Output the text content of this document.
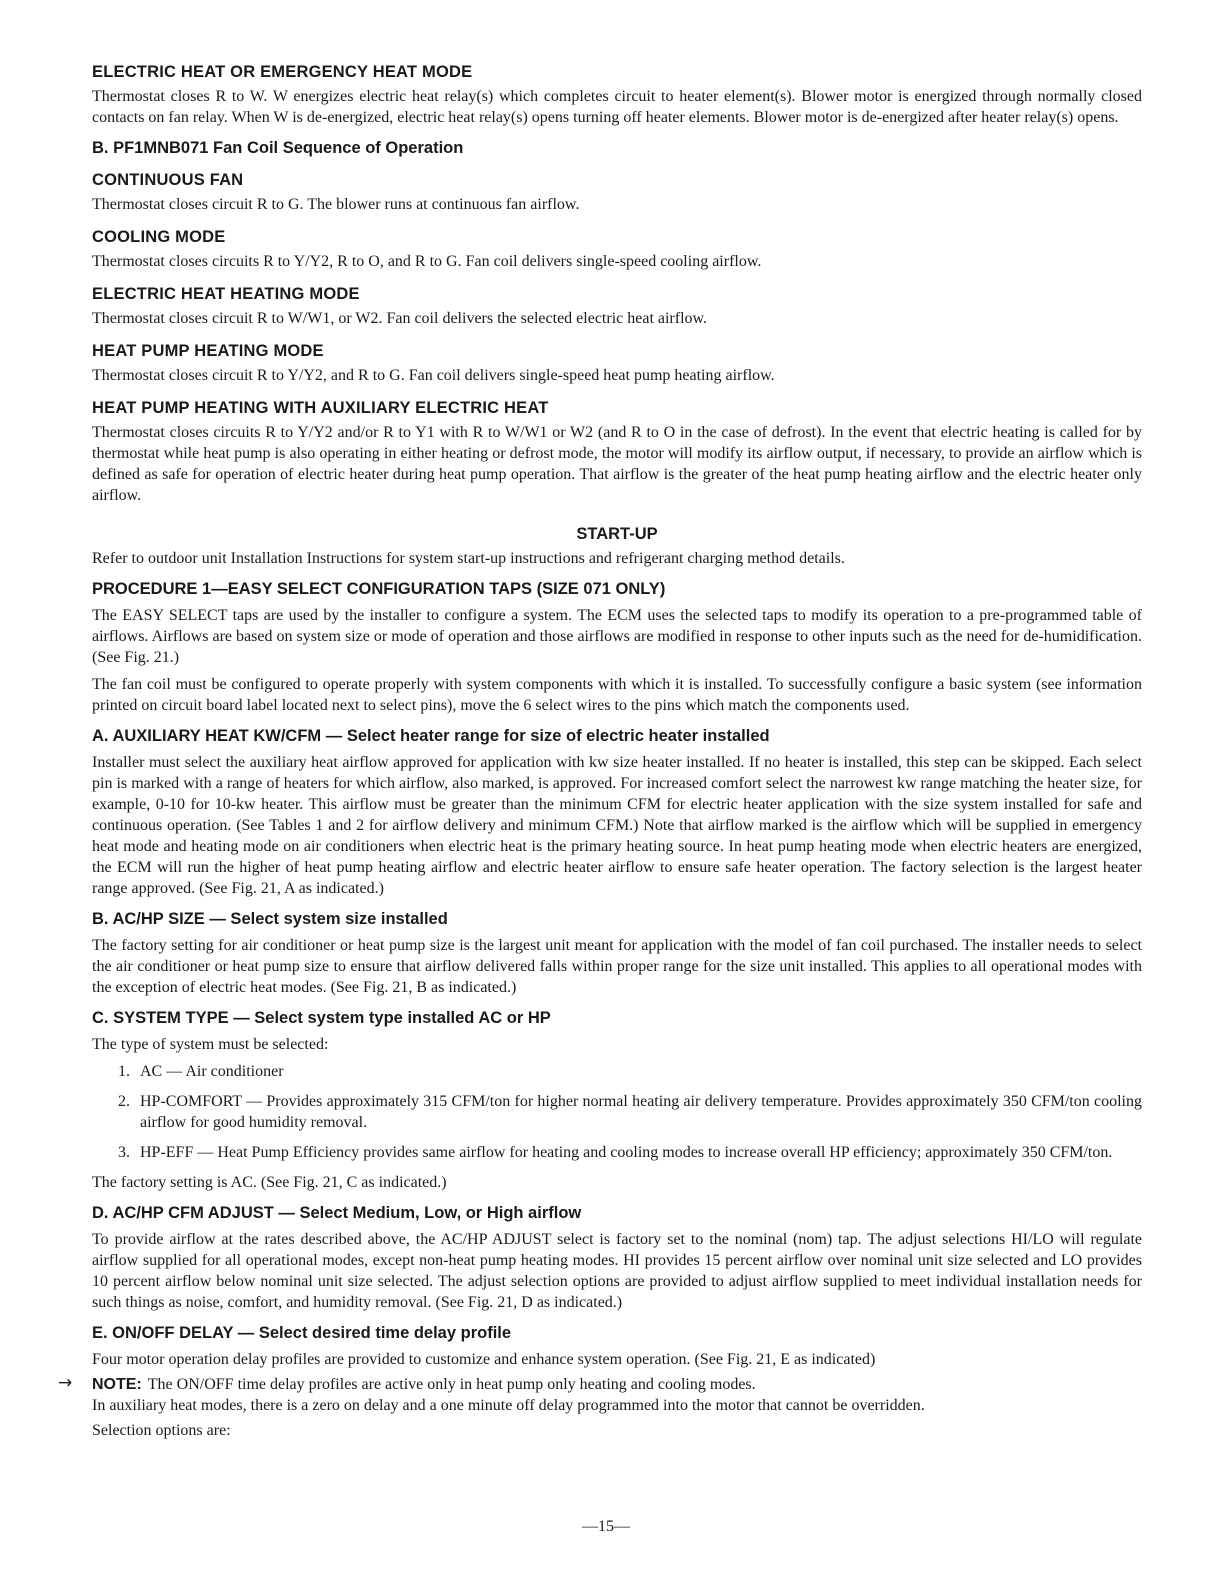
ELECTRIC HEAT OR EMERGENCY HEAT MODE

Thermostat closes R to W. W energizes electric heat relay(s) which completes circuit to heater element(s). Blower motor is energized through normally closed contacts on fan relay. When W is de-energized, electric heat relay(s) opens turning off heater elements. Blower motor is de-energized after heater relay(s) opens.

B. PF1MNB071 Fan Coil Sequence of Operation
CONTINUOUS FAN

Thermostat closes circuit R to G. The blower runs at continuous fan airflow.

COOLING MODE

Thermostat closes circuits R to Y/Y2, R to O, and R to G. Fan coil delivers single-speed cooling airflow.

ELECTRIC HEAT HEATING MODE

Thermostat closes circuit R to W/W1, or W2. Fan coil delivers the selected electric heat airflow.

HEAT PUMP HEATING MODE

Thermostat closes circuit R to Y/Y2, and R to G. Fan coil delivers single-speed heat pump heating airflow.

HEAT PUMP HEATING WITH AUXILIARY ELECTRIC HEAT

Thermostat closes circuits R to Y/Y2 and/or R to Y1 with R to W/W1 or W2 (and R to O in the case of defrost). In the event that electric heating is called for by thermostat while heat pump is also operating in either heating or defrost mode, the motor will modify its airflow output, if necessary, to provide an airflow which is defined as safe for operation of electric heater during heat pump operation. That airflow is the greater of the heat pump heating airflow and the electric heater only airflow.

START-UP

Refer to outdoor unit Installation Instructions for system start-up instructions and refrigerant charging method details.

PROCEDURE 1—EASY SELECT CONFIGURATION TAPS (SIZE 071 ONLY)

The EASY SELECT taps are used by the installer to configure a system. The ECM uses the selected taps to modify its operation to a pre-programmed table of airflows. Airflows are based on system size or mode of operation and those airflows are modified in response to other inputs such as the need for de-humidification. (See Fig. 21.)

The fan coil must be configured to operate properly with system components with which it is installed. To successfully configure a basic system (see information printed on circuit board label located next to select pins), move the 6 select wires to the pins which match the components used.

A. AUXILIARY HEAT KW/CFM — Select heater range for size of electric heater installed

Installer must select the auxiliary heat airflow approved for application with kw size heater installed. If no heater is installed, this step can be skipped. Each select pin is marked with a range of heaters for which airflow, also marked, is approved. For increased comfort select the narrowest kw range matching the heater size, for example, 0-10 for 10-kw heater. This airflow must be greater than the minimum CFM for electric heater application with the size system installed for safe and continuous operation. (See Tables 1 and 2 for airflow delivery and minimum CFM.) Note that airflow marked is the airflow which will be supplied in emergency heat mode and heating mode on air conditioners when electric heat is the primary heating source. In heat pump heating mode when electric heaters are energized, the ECM will run the higher of heat pump heating airflow and electric heater airflow to ensure safe heater operation. The factory selection is the largest heater range approved. (See Fig. 21, A as indicated.)

B. AC/HP SIZE — Select system size installed

The factory setting for air conditioner or heat pump size is the largest unit meant for application with the model of fan coil purchased. The installer needs to select the air conditioner or heat pump size to ensure that airflow delivered falls within proper range for the size unit installed. This applies to all operational modes with the exception of electric heat modes. (See Fig. 21, B as indicated.)

C. SYSTEM TYPE — Select system type installed AC or HP

The type of system must be selected:

1. AC — Air conditioner
2. HP-COMFORT — Provides approximately 315 CFM/ton for higher normal heating air delivery temperature. Provides approximately 350 CFM/ton cooling airflow for good humidity removal.
3. HP-EFF — Heat Pump Efficiency provides same airflow for heating and cooling modes to increase overall HP efficiency; approximately 350 CFM/ton.

The factory setting is AC. (See Fig. 21, C as indicated.)

D. AC/HP CFM ADJUST — Select Medium, Low, or High airflow

To provide airflow at the rates described above, the AC/HP ADJUST select is factory set to the nominal (nom) tap. The adjust selections HI/LO will regulate airflow supplied for all operational modes, except non-heat pump heating modes. HI provides 15 percent airflow over nominal unit size selected and LO provides 10 percent airflow below nominal unit size selected. The adjust selection options are provided to adjust airflow supplied to meet individual installation needs for such things as noise, comfort, and humidity removal. (See Fig. 21, D as indicated.)

E. ON/OFF DELAY — Select desired time delay profile

Four motor operation delay profiles are provided to customize and enhance system operation. (See Fig. 21, E as indicated)

→ NOTE: The ON/OFF time delay profiles are active only in heat pump only heating and cooling modes.

In auxiliary heat modes, there is a zero on delay and a one minute off delay programmed into the motor that cannot be overridden.

Selection options are:

—15—
